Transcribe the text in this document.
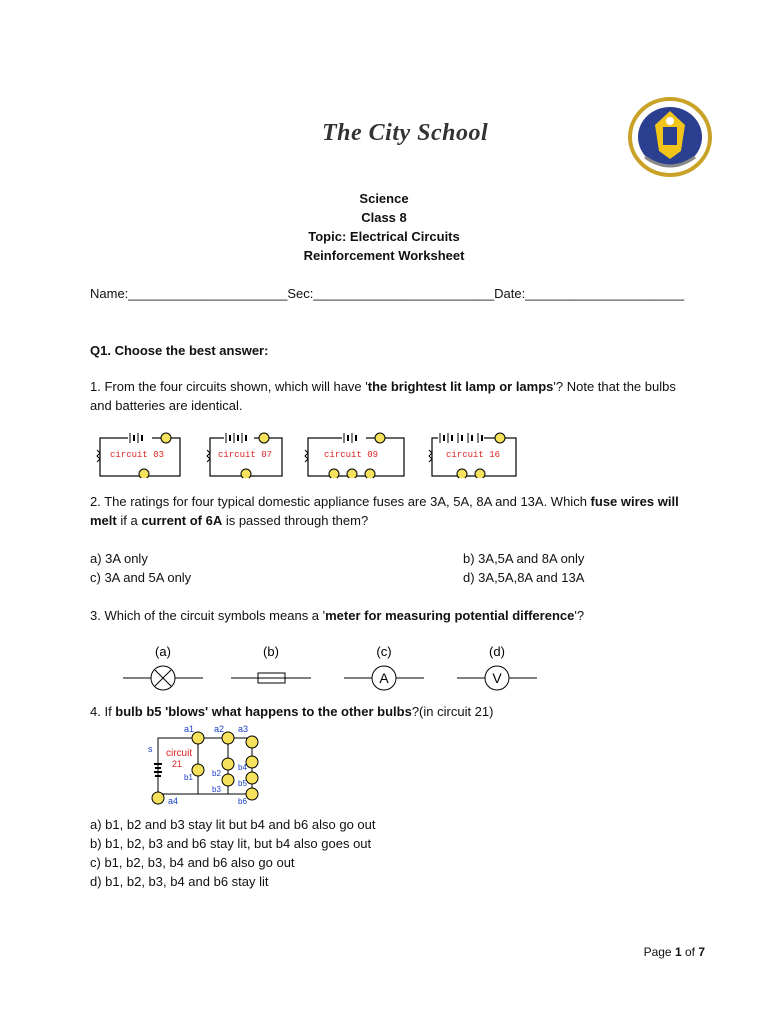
The City School
Science
Class 8
Topic: Electrical Circuits
Reinforcement Worksheet
Name:______________________Sec:_________________________Date:______________________
Q1. Choose the best answer:
1. From the four circuits shown, which will have 'the brightest lit lamp or lamps'? Note that the bulbs and batteries are identical.
circuit 03	circuit 07	circuit 09	circuit 16
2. The ratings for four typical domestic appliance fuses are 3A, 5A, 8A and 13A. Which fuse wires will melt if a current of 6A is passed through them?
a) 3A only	b) 3A,5A and 8A only
c) 3A and 5A only	d) 3A,5A,8A and 13A
3. Which of the circuit symbols means a 'meter for measuring potential difference'?
(a)	(b)	(c)	(d)
A	V
4. If bulb b5 'blows' what happens to the other bulbs?(in circuit 21)
s circuit
21
a1 a2 a3
a4
b1 b2
b3
b4
b5
b6
a) b1, b2 and b3 stay lit but b4 and b6 also go out
b) b1, b2, b3 and b6 stay lit, but b4 also goes out
c) b1, b2, b3, b4 and b6 also go out
d) b1, b2, b3, b4 and b6 stay lit
Page 1 of 7
